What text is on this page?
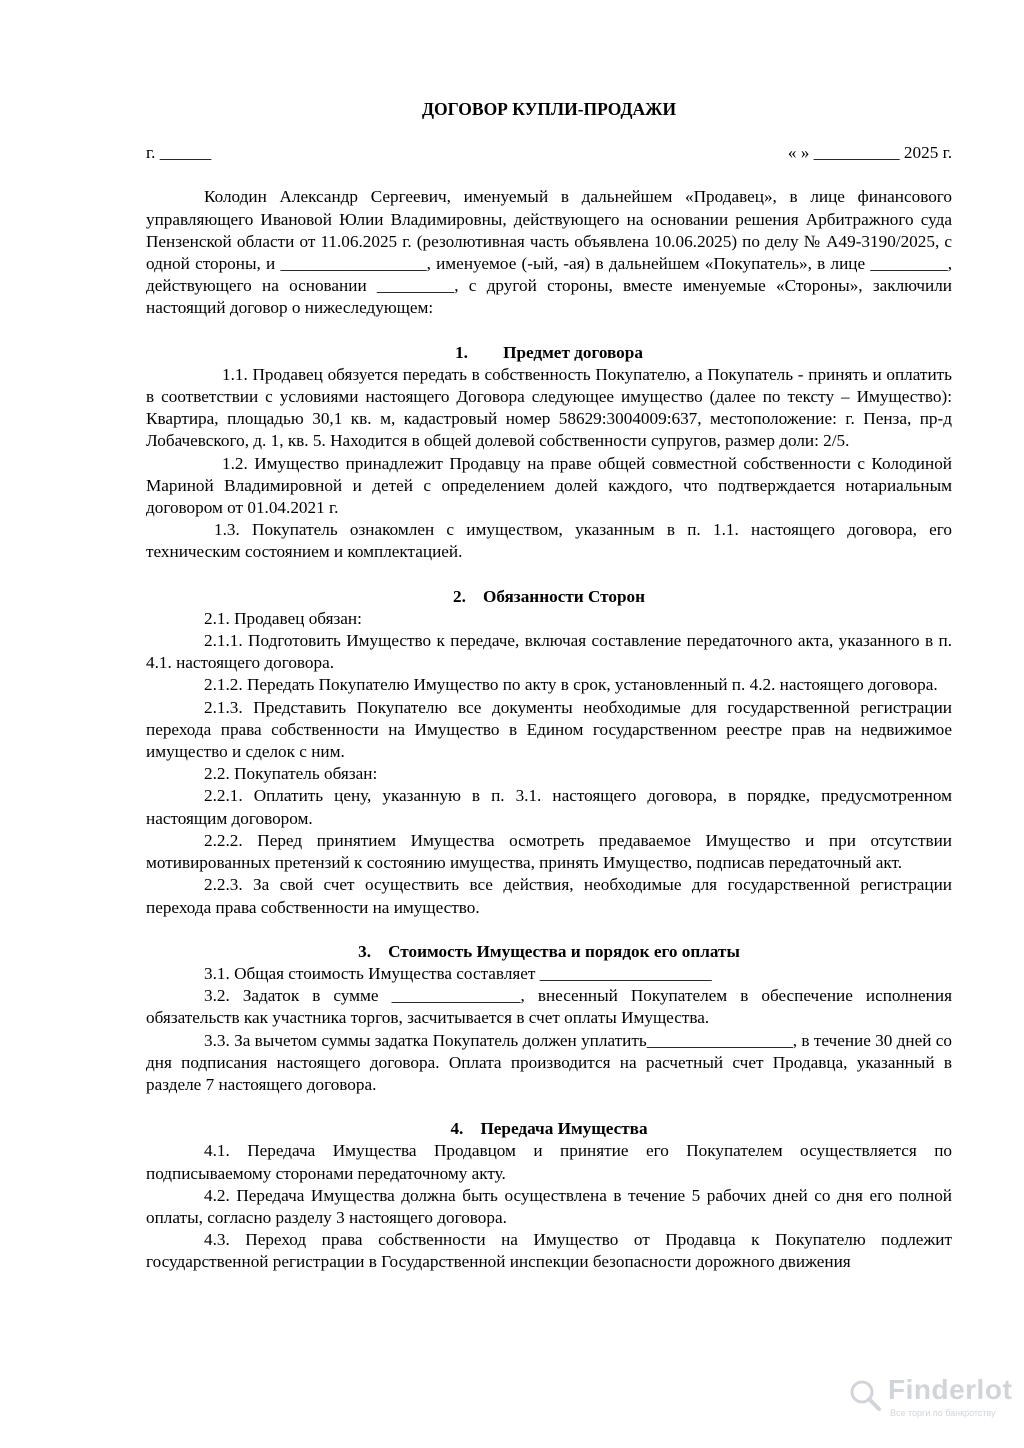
ДОГОВОР КУПЛИ-ПРОДАЖИ

г. ______	« » __________ 2025 г.

Колодин Александр Сергеевич, именуемый в дальнейшем «Продавец», в лице финансового управляющего Ивановой Юлии Владимировны, действующего на основании решения Арбитражного суда Пензенской области от 11.06.2025 г. (резолютивная часть объявлена 10.06.2025) по делу № А49-3190/2025, с одной стороны, и _________________, именуемое (-ый, -ая) в дальнейшем «Покупатель», в лице _________, действующего на основании _________, с другой стороны, вместе именуемые «Стороны», заключили настоящий договор о нижеследующем:

1. Предмет договора

1.1. Продавец обязуется передать в собственность Покупателю, а Покупатель - принять и оплатить в соответствии с условиями настоящего Договора следующее имущество (далее по тексту – Имущество): Квартира, площадью 30,1 кв. м, кадастровый номер 58629:3004009:637, местоположение: г. Пенза, пр-д Лобачевского, д. 1, кв. 5. Находится в общей долевой собственности супругов, размер доли: 2/5.

1.2. Имущество принадлежит Продавцу на праве общей совместной собственности с Колодиной Мариной Владимировной и детей с определением долей каждого, что подтверждается нотариальным договором от 01.04.2021 г.

1.3. Покупатель ознакомлен с имуществом, указанным в п. 1.1. настоящего договора, его техническим состоянием и комплектацией.

2. Обязанности Сторон

2.1. Продавец обязан:

2.1.1. Подготовить Имущество к передаче, включая составление передаточного акта, указанного в п. 4.1. настоящего договора.

2.1.2. Передать Покупателю Имущество по акту в срок, установленный п. 4.2. настоящего договора.

2.1.3. Представить Покупателю все документы необходимые для государственной регистрации перехода права собственности на Имущество в Едином государственном реестре прав на недвижимое имущество и сделок с ним.

2.2. Покупатель обязан:

2.2.1. Оплатить цену, указанную в п. 3.1. настоящего договора, в порядке, предусмотренном настоящим договором.

2.2.2. Перед принятием Имущества осмотреть предаваемое Имущество и при отсутствии мотивированных претензий к состоянию имущества, принять Имущество, подписав передаточный акт.

2.2.3. За свой счет осуществить все действия, необходимые для государственной регистрации перехода права собственности на имущество.

3. Стоимость Имущества и порядок его оплаты

3.1. Общая стоимость Имущества составляет ____________________

3.2. Задаток в сумме _______________, внесенный Покупателем в обеспечение исполнения обязательств как участника торгов, засчитывается в счет оплаты Имущества.

3.3. За вычетом суммы задатка Покупатель должен уплатить_________________, в течение 30 дней со дня подписания настоящего договора. Оплата производится на расчетный счет Продавца, указанный в разделе 7 настоящего договора.

4. Передача Имущества

4.1. Передача Имущества Продавцом и принятие его Покупателем осуществляется по подписываемому сторонами передаточному акту.

4.2. Передача Имущества должна быть осуществлена в течение 5 рабочих дней со дня его полной оплаты, согласно разделу 3 настоящего договора.

4.3. Переход права собственности на Имущество от Продавца к Покупателю подлежит государственной регистрации в Государственной инспекции безопасности дорожного движения

Finderlot
Все торги по банкротству
